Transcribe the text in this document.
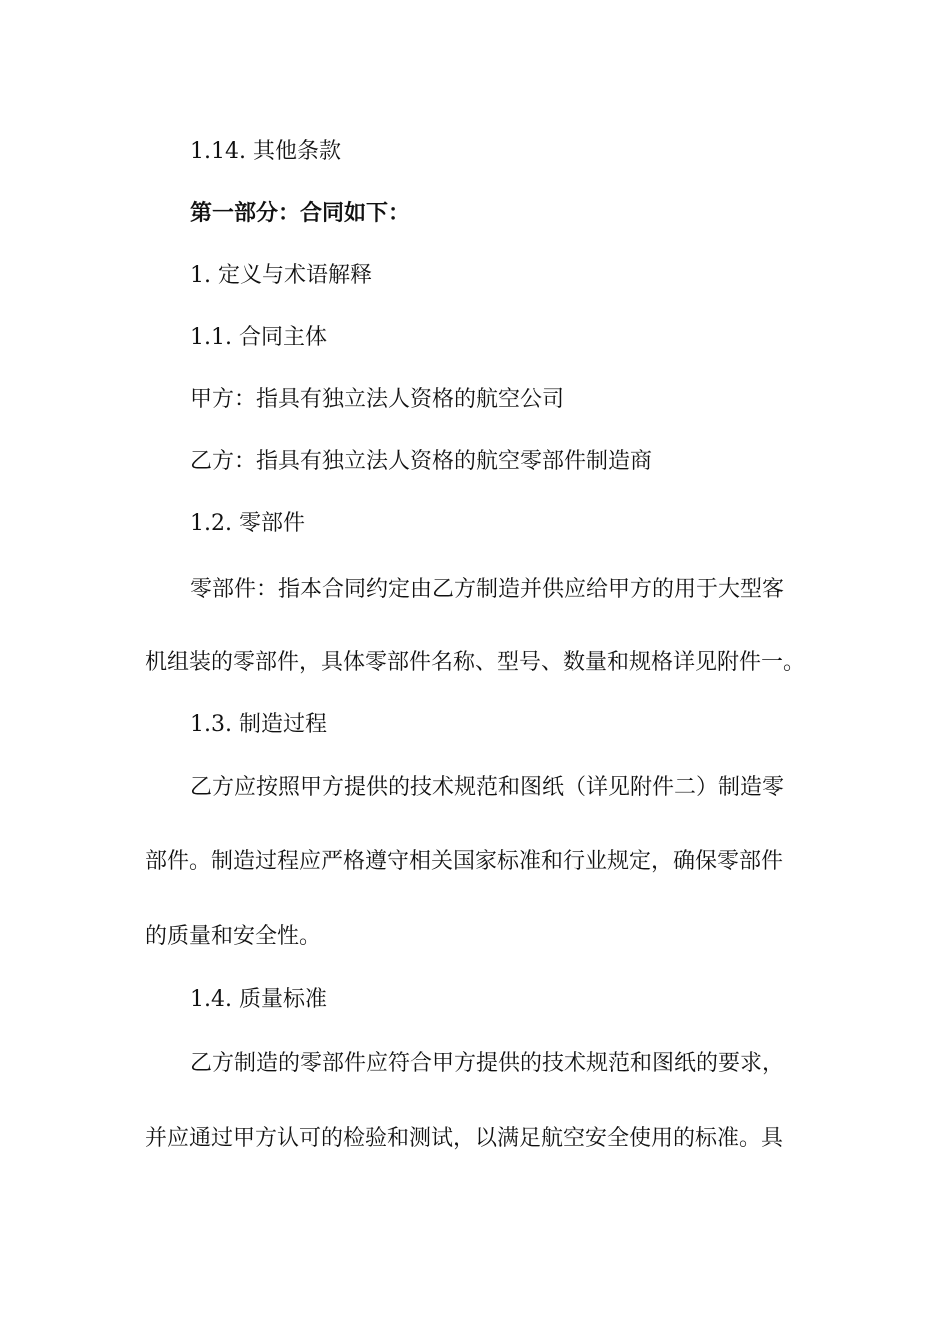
1.14. 其他条款
第一部分：合同如下：
1. 定义与术语解释
1.1. 合同主体
甲方：指具有独立法人资格的航空公司
乙方：指具有独立法人资格的航空零部件制造商
1.2. 零部件
零部件：指本合同约定由乙方制造并供应给甲方的用于大型客
机组装的零部件，具体零部件名称、型号、数量和规格详见附件一。
1.3. 制造过程
乙方应按照甲方提供的技术规范和图纸（详见附件二）制造零
部件。制造过程应严格遵守相关国家标准和行业规定，确保零部件
的质量和安全性。
1.4. 质量标准
乙方制造的零部件应符合甲方提供的技术规范和图纸的要求，
并应通过甲方认可的检验和测试，以满足航空安全使用的标准。具
